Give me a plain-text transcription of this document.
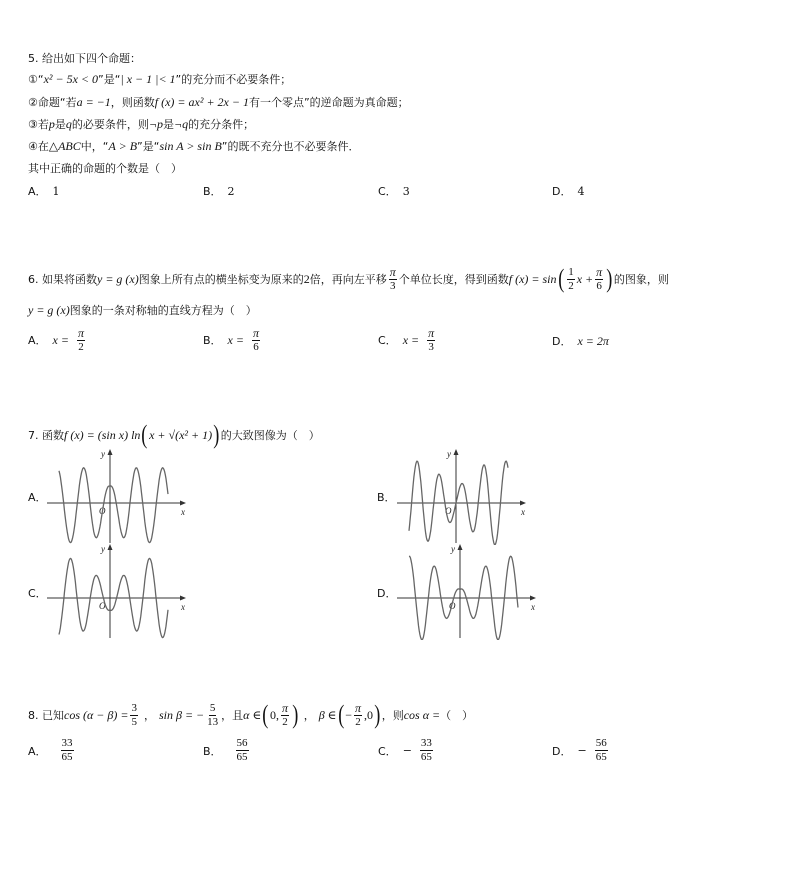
5. 给出如下四个命题：
①“ x² − 5x < 0 ”是“ | x − 1 |< 1 ”的充分而不必要条件；
②命题“若 a = −1 ，则函数 f (x) = ax² + 2x − 1 有一个零点”的逆命题为真命题；
③若 p 是 q 的必要条件，则 ¬p 是 ¬q 的充分条件；
④在 △ABC 中，“ A > B ”是“ sin A > sin B ”的既不充分也不必要条件．
其中正确的命题的个数是（　）
A． 1	B． 2	C． 3	D． 4
6. 如果将函数 y = g (x) 图象上所有点的横坐标变为原来的 2 倍，再向左平移 $\frac{\pi}{3}$ 个单位长度，得到函数 f (x) = sin ( $\frac{1}{2}$ $x + \frac{\pi}{6}$ ) 的图象，则
y = g (x) 图象的一条对称轴的直线方程为（　）
A． $x = \frac{\pi}{2}$	B． $x = \frac{\pi}{6}$	C． $x = \frac{\pi}{3}$	D． x = 2π
7. 函数 f (x) = (sin x) ln ( x + √(x² + 1) ) 的大致图像为（　）
A．	B．
C．	D．
x
y
O	x
y
O
x
y
O	x
y
O
8. 已知 $\cos (\alpha - \beta) = \frac{3}{5}$ ， sin β = − $\frac{5}{13}$ ，且 α ∈ ( 0, $\frac{\pi}{2}$ ) ， β ∈ ( − $\frac{\pi}{2} ,0$ ) ，则 cos α = （　）
A． $\frac{33}{65}$	B． $\frac{56}{65}$	C． − $\frac{33}{65}$	D． − $\frac{56}{65}$
